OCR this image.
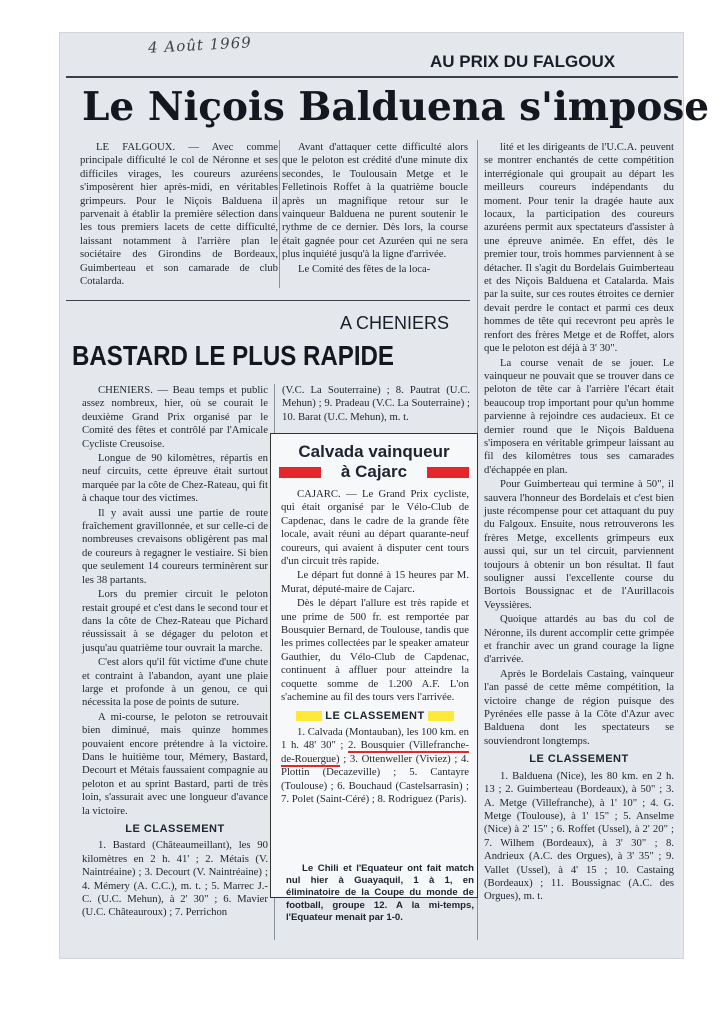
4 Août 1969
AU PRIX DU FALGOUX
Le Niçois Balduena s'impose

LE FALGOUX. — Avec comme principale difficulté le col de Néronne et ses difficiles virages, les coureurs azuréens s'imposèrent hier après-midi, en véritables grimpeurs. Pour le Niçois Balduena il parvenait à établir la première sélection dans les tous premiers lacets de cette difficulté, laissant notamment à l'arrière plan le sociétaire des Girondins de Bordeaux, Guimberteau et son camarade de club Cotalarda.

Avant d'attaquer cette difficulté alors que le peloton est crédité d'une minute dix secondes, le Toulousain Metge et le Felletinois Roffet à la quatrième boucle après un magnifique retour sur le vainqueur Balduena ne purent soutenir le rythme de ce dernier. Dès lors, la course était gagnée pour cet Azuréen qui ne sera plus inquiété jusqu'à la ligne d'arrivée.

Le Comité des fêtes de la loca-

lité et les dirigeants de l'U.C.A. peuvent se montrer enchantés de cette compétition interrégionale qui groupait au départ les meilleurs coureurs indépendants du moment. Pour tenir la dragée haute aux locaux, la participation des coureurs azuréens permit aux spectateurs d'assister à une épreuve animée. En effet, dès le premier tour, trois hommes parviennent à se détacher. Il s'agit du Bordelais Guimberteau et des Niçois Balduena et Catalarda. Mais par la suite, sur ces routes étroites ce dernier devait perdre le contact et parmi ces deux hommes de tête qui recevront peu après le renfort des frères Metge et de Roffet, alors que le peloton est déjà à 3' 30".

La course venait de se jouer. Le vainqueur ne pouvait que se trouver dans ce peloton de tête car à l'arrière l'écart était beaucoup trop important pour qu'un homme parvienne à rejoindre ces audacieux. Et ce dernier round que le Niçois Balduena s'imposera en véritable grimpeur laissant au fil des kilomètres tous ses camarades d'échappée en plan.

Pour Guimberteau qui termine à 50", il sauvera l'honneur des Bordelais et c'est bien juste récompense pour cet attaquant du puy du Falgoux. Ensuite, nous retrouverons les frères Metge, excellents grimpeurs eux aussi qui, sur un tel circuit, parviennent toujours à obtenir un bon résultat. Il faut souligner aussi l'excellente course du Bortois Boussignac et de l'Aurillacois Veyssières.

Quoique attardés au bas du col de Néronne, ils durent accomplir cette grimpée et franchir avec un grand courage la ligne d'arrivée.

Après le Bordelais Castaing, vainqueur l'an passé de cette même compétition, la victoire change de région puisque des Pyrénées elle passe à la Côte d'Azur avec Balduena dont les spectateurs se souviendront longtemps.

LE CLASSEMENT

1. Balduena (Nice), les 80 km. en 2 h. 13 ; 2. Guimberteau (Bordeaux), à 50" ; 3. A. Metge (Villefranche), à 1' 10" ; 4. G. Metge (Toulouse), à 1' 15" ; 5. Anselme (Nice) à 2' 15" ; 6. Roffet (Ussel), à 2' 20" ; 7. Wilhem (Bordeaux), à 3' 30" ; 8. Andrieux (A.C. des Orgues), à 3' 35" ; 9. Vallet (Ussel), à 4' 15 ; 10. Castaing (Bordeaux) ; 11. Boussignac (A.C. des Orgues), m. t.

A CHENIERS
BASTARD LE PLUS RAPIDE

CHENIERS. — Beau temps et public assez nombreux, hier, où se courait le deuxième Grand Prix organisé par le Comité des fêtes et contrôlé par l'Amicale Cycliste Creusoise.

Longue de 90 kilomètres, répartis en neuf circuits, cette épreuve était surtout marquée par la côte de Chez-Rateau, qui fit à chaque tour des victimes.

Il y avait aussi une partie de route fraîchement gravillonnée, et sur celle-ci de nombreuses crevaisons obligèrent pas mal de coureurs à regagner le vestiaire. Si bien que seulement 14 coureurs terminèrent sur les 38 partants.

Lors du premier circuit le peloton restait groupé et c'est dans le second tour et dans la côte de Chez-Rateau que Pichard réussissait à se dégager du peloton et jusqu'au quatrième tour ouvrait la marche.

C'est alors qu'il fût victime d'une chute et contraint à l'abandon, ayant une plaie large et profonde à un genou, ce qui nécessita la pose de points de suture.

A mi-course, le peloton se retrouvait bien diminué, mais quinze hommes pouvaient encore prétendre à la victoire. Dans le huitième tour, Mémery, Bastard, Decourt et Métais faussaient compagnie au peloton et au sprint Bastard, parti de très loin, s'assurait avec une longueur d'avance la victoire.

LE CLASSEMENT

1. Bastard (Châteaumeillant), les 90 kilomètres en 2 h. 41' ; 2. Métais (V. Naintréaine) ; 3. Decourt (V. Naintréaine) ; 4. Mémery (A. C.C.), m. t. ; 5. Marrec J.-C. (U.C. Mehun), à 2' 30" ; 6. Mavier (U.C. Châteauroux) ; 7. Perrichon

(V.C. La Souterraine) ; 8. Pautrat (U.C. Mehun) ; 9. Pradeau (V.C. La Souterraine) ; 10. Barat (U.C. Mehun), m. t.

Calvada vainqueur
à Cajarc

CAJARC. — Le Grand Prix cycliste, qui était organisé par le Vélo-Club de Capdenac, dans le cadre de la grande fête locale, avait réuni au départ quarante-neuf coureurs, qui avaient à disputer cent tours d'un circuit très rapide.

Le départ fut donné à 15 heures par M. Murat, député-maire de Cajarc.

Dès le départ l'allure est très rapide et une prime de 500 fr. est remportée par Bousquier Bernard, de Toulouse, tandis que les primes collectées par le speaker amateur Gauthier, du Vélo-Club de Capdenac, continuent à affluer pour atteindre la coquette somme de 1.200 A.F. L'on s'achemine au fil des tours vers l'arrivée.

LE CLASSEMENT

1. Calvada (Montauban), les 100 km. en 1 h. 48' 30" ; 2. Bousquier (Villefranche-de-Rouergue) ; 3. Ottenweller (Viviez) ; 4. Plottin (Decazeville) ; 5. Cantayre (Toulouse) ; 6. Bouchaud (Castelsarrasin) ; 7. Polet (Saint-Céré) ; 8. Rodriguez (Paris).

Le Chili et l'Equateur ont fait match nul hier à Guayaquil, 1 à 1, en éliminatoire de la Coupe du monde de football, groupe 12. A la mi-temps, l'Equateur menait par 1-0.
